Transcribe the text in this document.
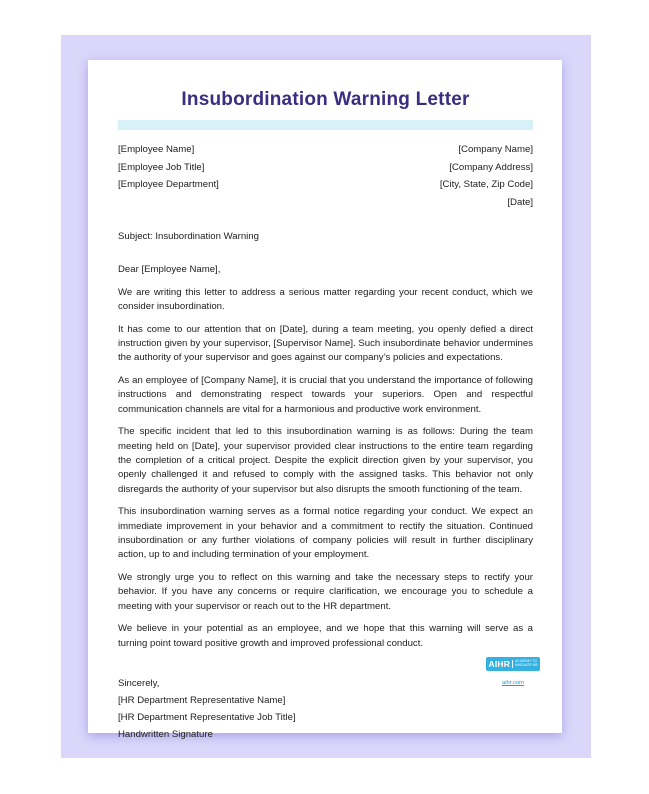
Insubordination Warning Letter
[Employee Name]
[Employee Job Title]
[Employee Department]
[Company Name]
[Company Address]
[City, State, Zip Code]
[Date]

Subject: Insubordination Warning

Dear [Employee Name],

We are writing this letter to address a serious matter regarding your recent conduct, which we consider insubordination.

It has come to our attention that on [Date], during a team meeting, you openly defied a direct instruction given by your supervisor, [Supervisor Name]. Such insubordinate behavior undermines the authority of your supervisor and goes against our company’s policies and expectations.

As an employee of [Company Name], it is crucial that you understand the importance of following instructions and demonstrating respect towards your superiors. Open and respectful communication channels are vital for a harmonious and productive work environment.

The specific incident that led to this insubordination warning is as follows: During the team meeting held on [Date], your supervisor provided clear instructions to the entire team regarding the completion of a critical project. Despite the explicit direction given by your supervisor, you openly challenged it and refused to comply with the assigned tasks. This behavior not only disregards the authority of your supervisor but also disrupts the smooth functioning of the team.

This insubordination warning serves as a formal notice regarding your conduct. We expect an immediate improvement in your behavior and a commitment to rectify the situation. Continued insubordination or any further violations of company policies will result in further disciplinary action, up to and including termination of your employment.

We strongly urge you to reflect on this warning and take the necessary steps to rectify your behavior. If you have any concerns or require clarification, we encourage you to schedule a meeting with your supervisor or reach out to the HR department.

We believe in your potential as an employee, and we hope that this warning will serve as a turning point toward positive growth and improved professional conduct.

Sincerely,

[HR Department Representative Name]

[HR Department Representative Job Title]

Handwritten Signature

AIHR ACADEMY TO
INNOVATE HR
aihr.com
